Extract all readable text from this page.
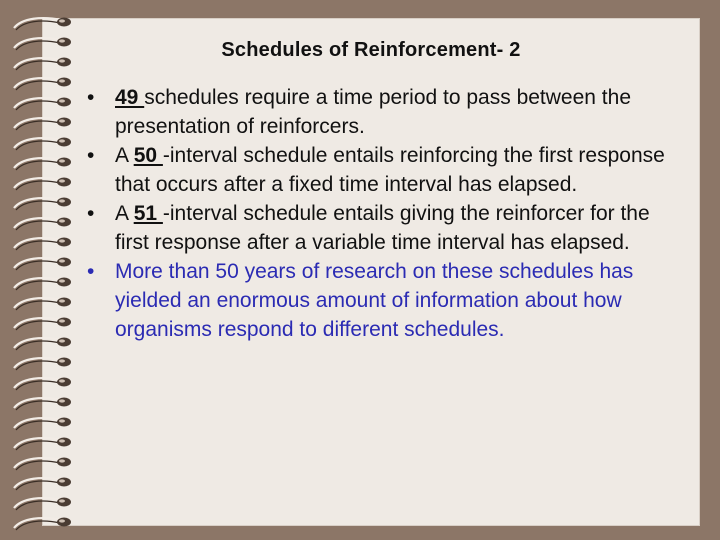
Schedules of Reinforcement- 2
• 49 schedules require a time period to pass between the presentation of reinforcers.
• A 50 -interval schedule entails reinforcing the first response that occurs after a fixed time interval has elapsed.
• A 51 -interval schedule entails giving the reinforcer for the first response after a variable time interval has elapsed.
• More than 50 years of research on these schedules has yielded an enormous amount of information about how organisms respond to different schedules.
